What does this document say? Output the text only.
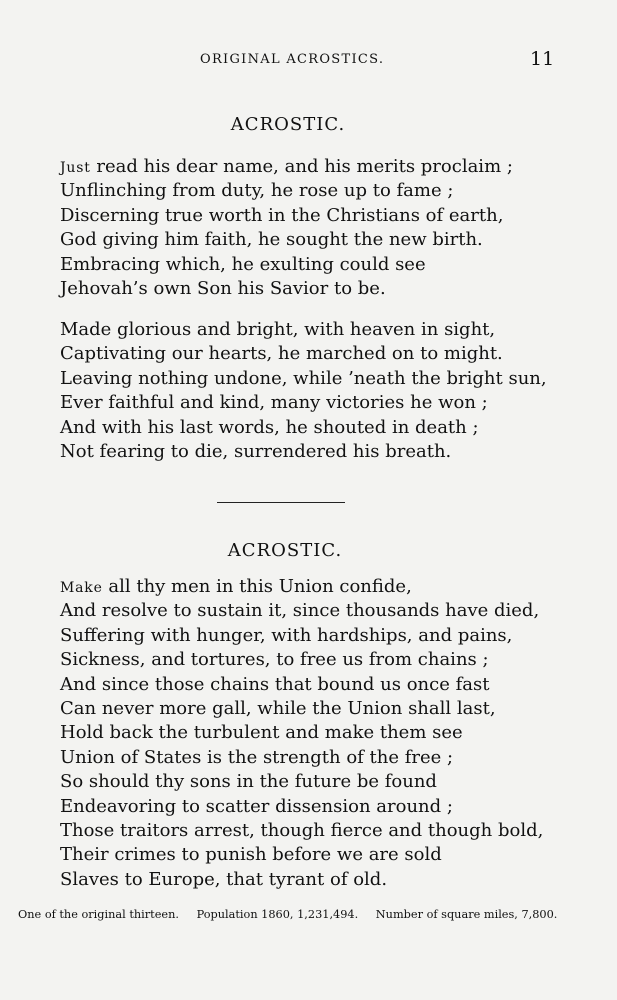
ORIGINAL ACROSTICS.	11
ACROSTIC.
Just read his dear name, and his merits proclaim ;
Unflinching from duty, he rose up to fame ;
Discerning true worth in the Christians of earth,
God giving him faith, he sought the new birth.
Embracing which, he exulting could see
Jehovah’s own Son his Savior to be.
Made glorious and bright, with heaven in sight,
Captivating our hearts, he marched on to might.
Leaving nothing undone, while ’neath the bright sun,
Ever faithful and kind, many victories he won ;
And with his last words, he shouted in death ;
Not fearing to die, surrendered his breath.
ACROSTIC.
Make all thy men in this Union confide,
And resolve to sustain it, since thousands have died,
Suffering with hunger, with hardships, and pains,
Sickness, and tortures, to free us from chains ;
And since those chains that bound us once fast
Can never more gall, while the Union shall last,
Hold back the turbulent and make them see
Union of States is the strength of the free ;
So should thy sons in the future be found
Endeavoring to scatter dissension around ;
Those traitors arrest, though fierce and though bold,
Their crimes to punish before we are sold
Slaves to Europe, that tyrant of old.
One of the original thirteen. Population 1860, 1,231,494. Number of square miles, 7,800.
